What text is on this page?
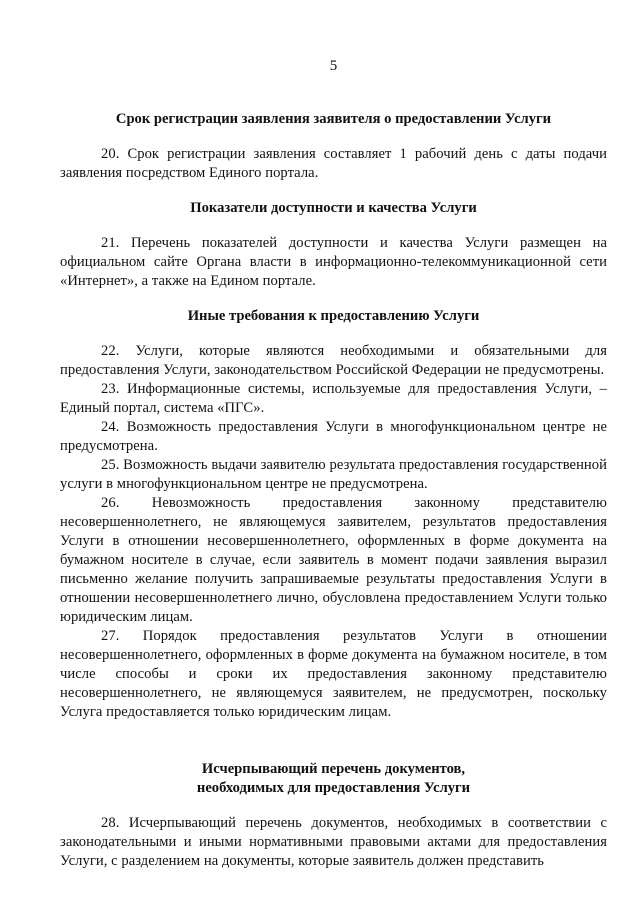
5
Срок регистрации заявления заявителя о предоставлении Услуги

20. Срок регистрации заявления составляет 1 рабочий день с даты подачи заявления посредством Единого портала.

Показатели доступности и качества Услуги

21. Перечень показателей доступности и качества Услуги размещен на официальном сайте Органа власти в информационно-телекоммуникационной сети «Интернет», а также на Едином портале.

Иные требования к предоставлению Услуги

22. Услуги, которые являются необходимыми и обязательными для предоставления Услуги, законодательством Российской Федерации не предусмотрены.

23. Информационные системы, используемые для предоставления Услуги, – Единый портал, система «ПГС».

24. Возможность предоставления Услуги в многофункциональном центре не предусмотрена.

25. Возможность выдачи заявителю результата предоставления государственной услуги в многофункциональном центре не предусмотрена.

26. Невозможность предоставления законному представителю несовершеннолетнего, не являющемуся заявителем, результатов предоставления Услуги в отношении несовершеннолетнего, оформленных в форме документа на бумажном носителе в случае, если заявитель в момент подачи заявления выразил письменно желание получить запрашиваемые результаты предоставления Услуги в отношении несовершеннолетнего лично, обусловлена предоставлением Услуги только юридическим лицам.

27. Порядок предоставления результатов Услуги в отношении несовершеннолетнего, оформленных в форме документа на бумажном носителе, в том числе способы и сроки их предоставления законному представителю несовершеннолетнего, не являющемуся заявителем, не предусмотрен, поскольку Услуга предоставляется только юридическим лицам.

Исчерпывающий перечень документов,
необходимых для предоставления Услуги

28. Исчерпывающий перечень документов, необходимых в соответствии с законодательными и иными нормативными правовыми актами для предоставления Услуги, с разделением на документы, которые заявитель должен представить
